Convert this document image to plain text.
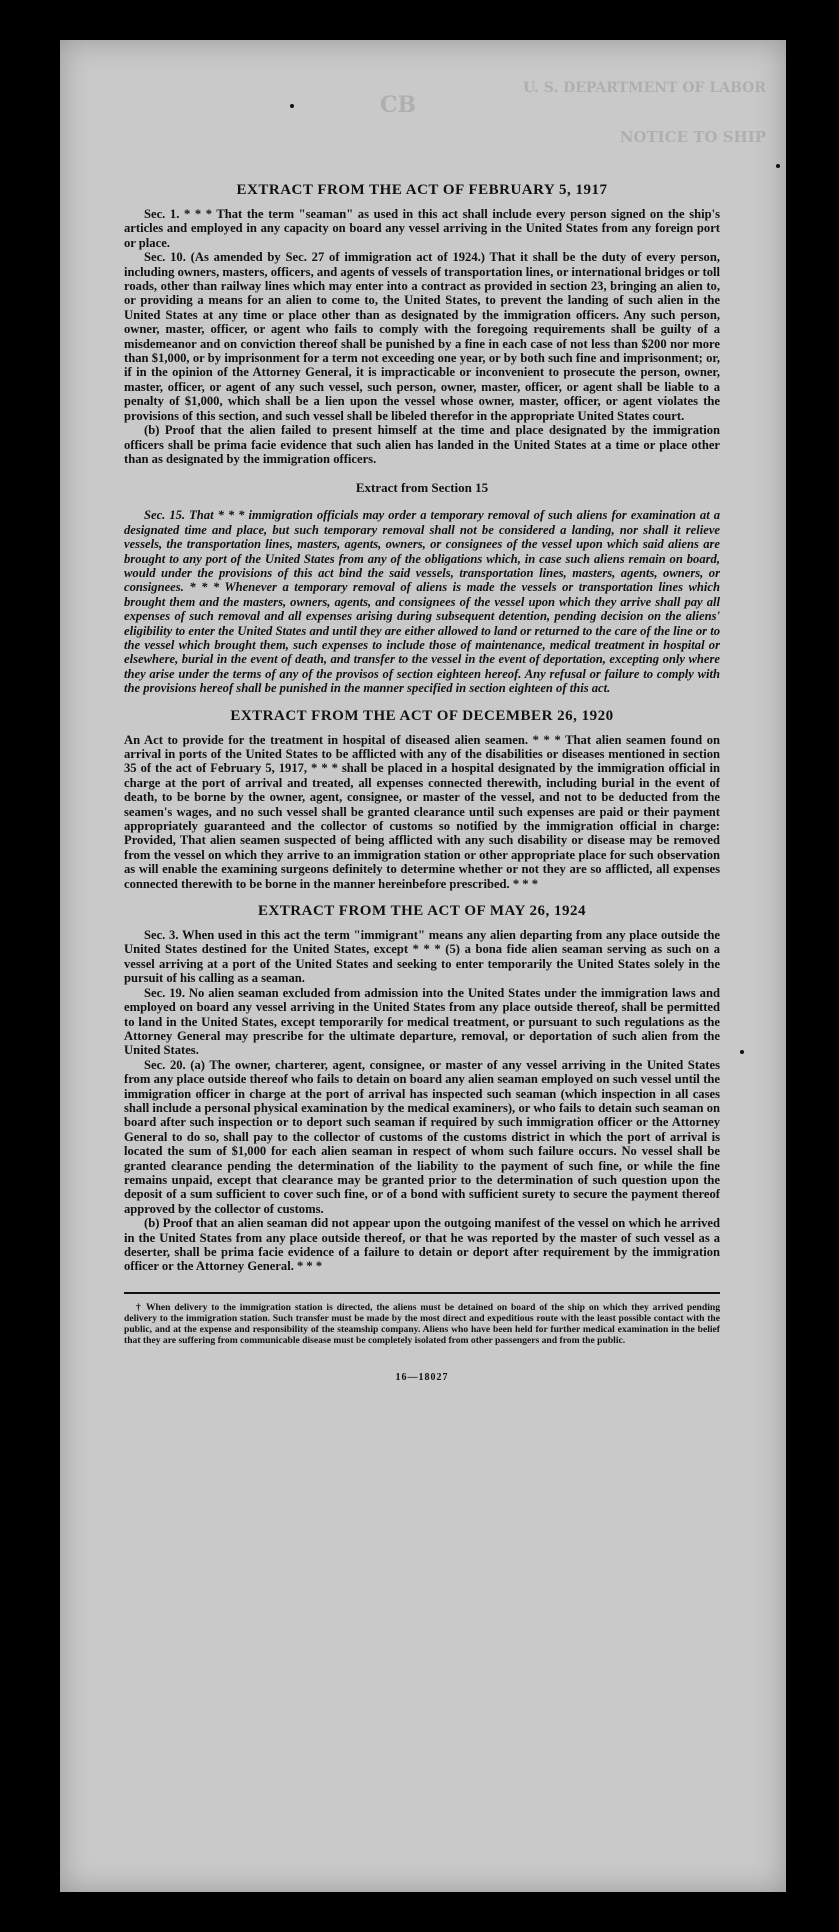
U. S. DEPARTMENT OF LABOR
NOTICE TO SHIP
CB
EXTRACT FROM THE ACT OF FEBRUARY 5, 1917

Sec. 1. * * * That the term "seaman" as used in this act shall include every person signed on the ship's articles and employed in any capacity on board any vessel arriving in the United States from any foreign port or place.

Sec. 10. (As amended by Sec. 27 of immigration act of 1924.) That it shall be the duty of every person, including owners, masters, officers, and agents of vessels of transportation lines, or international bridges or toll roads, other than railway lines which may enter into a contract as provided in section 23, bringing an alien to, or providing a means for an alien to come to, the United States, to prevent the landing of such alien in the United States at any time or place other than as designated by the immigration officers. Any such person, owner, master, officer, or agent who fails to comply with the foregoing requirements shall be guilty of a misdemeanor and on conviction thereof shall be punished by a fine in each case of not less than $200 nor more than $1,000, or by imprisonment for a term not exceeding one year, or by both such fine and imprisonment; or, if in the opinion of the Attorney General, it is impracticable or inconvenient to prosecute the person, owner, master, officer, or agent of any such vessel, such person, owner, master, officer, or agent shall be liable to a penalty of $1,000, which shall be a lien upon the vessel whose owner, master, officer, or agent violates the provisions of this section, and such vessel shall be libeled therefor in the appropriate United States court.

(b) Proof that the alien failed to present himself at the time and place designated by the immigration officers shall be prima facie evidence that such alien has landed in the United States at a time or place other than as designated by the immigration officers.

Extract from Section 15

Sec. 15. That * * * immigration officials may order a temporary removal of such aliens for examination at a designated time and place, but such temporary removal shall not be considered a landing, nor shall it relieve vessels, the transportation lines, masters, agents, owners, or consignees of the vessel upon which said aliens are brought to any port of the United States from any of the obligations which, in case such aliens remain on board, would under the provisions of this act bind the said vessels, transportation lines, masters, agents, owners, or consignees. * * * Whenever a temporary removal of aliens is made the vessels or transportation lines which brought them and the masters, owners, agents, and consignees of the vessel upon which they arrive shall pay all expenses of such removal and all expenses arising during subsequent detention, pending decision on the aliens' eligibility to enter the United States and until they are either allowed to land or returned to the care of the line or to the vessel which brought them, such expenses to include those of maintenance, medical treatment in hospital or elsewhere, burial in the event of death, and transfer to the vessel in the event of deportation, excepting only where they arise under the terms of any of the provisos of section eighteen hereof. Any refusal or failure to comply with the provisions hereof shall be punished in the manner specified in section eighteen of this act.

EXTRACT FROM THE ACT OF DECEMBER 26, 1920

An Act to provide for the treatment in hospital of diseased alien seamen. * * * That alien seamen found on arrival in ports of the United States to be afflicted with any of the disabilities or diseases mentioned in section 35 of the act of February 5, 1917, * * * shall be placed in a hospital designated by the immigration official in charge at the port of arrival and treated, all expenses connected therewith, including burial in the event of death, to be borne by the owner, agent, consignee, or master of the vessel, and not to be deducted from the seamen's wages, and no such vessel shall be granted clearance until such expenses are paid or their payment appropriately guaranteed and the collector of customs so notified by the immigration official in charge: Provided, That alien seamen suspected of being afflicted with any such disability or disease may be removed from the vessel on which they arrive to an immigration station or other appropriate place for such observation as will enable the examining surgeons definitely to determine whether or not they are so afflicted, all expenses connected therewith to be borne in the manner hereinbefore prescribed. * * *

EXTRACT FROM THE ACT OF MAY 26, 1924

Sec. 3. When used in this act the term "immigrant" means any alien departing from any place outside the United States destined for the United States, except * * * (5) a bona fide alien seaman serving as such on a vessel arriving at a port of the United States and seeking to enter temporarily the United States solely in the pursuit of his calling as a seaman.

Sec. 19. No alien seaman excluded from admission into the United States under the immigration laws and employed on board any vessel arriving in the United States from any place outside thereof, shall be permitted to land in the United States, except temporarily for medical treatment, or pursuant to such regulations as the Attorney General may prescribe for the ultimate departure, removal, or deportation of such alien from the United States.

Sec. 20. (a) The owner, charterer, agent, consignee, or master of any vessel arriving in the United States from any place outside thereof who fails to detain on board any alien seaman employed on such vessel until the immigration officer in charge at the port of arrival has inspected such seaman (which inspection in all cases shall include a personal physical examination by the medical examiners), or who fails to detain such seaman on board after such inspection or to deport such seaman if required by such immigration officer or the Attorney General to do so, shall pay to the collector of customs of the customs district in which the port of arrival is located the sum of $1,000 for each alien seaman in respect of whom such failure occurs. No vessel shall be granted clearance pending the determination of the liability to the payment of such fine, or while the fine remains unpaid, except that clearance may be granted prior to the determination of such question upon the deposit of a sum sufficient to cover such fine, or of a bond with sufficient surety to secure the payment thereof approved by the collector of customs.

(b) Proof that an alien seaman did not appear upon the outgoing manifest of the vessel on which he arrived in the United States from any place outside thereof, or that he was reported by the master of such vessel as a deserter, shall be prima facie evidence of a failure to detain or deport after requirement by the immigration officer or the Attorney General. * * *

† When delivery to the immigration station is directed, the aliens must be detained on board of the ship on which they arrived pending delivery to the immigration station. Such transfer must be made by the most direct and expeditious route with the least possible contact with the public, and at the expense and responsibility of the steamship company. Aliens who have been held for further medical examination in the belief that they are suffering from communicable disease must be completely isolated from other passengers and from the public.

16—18027
